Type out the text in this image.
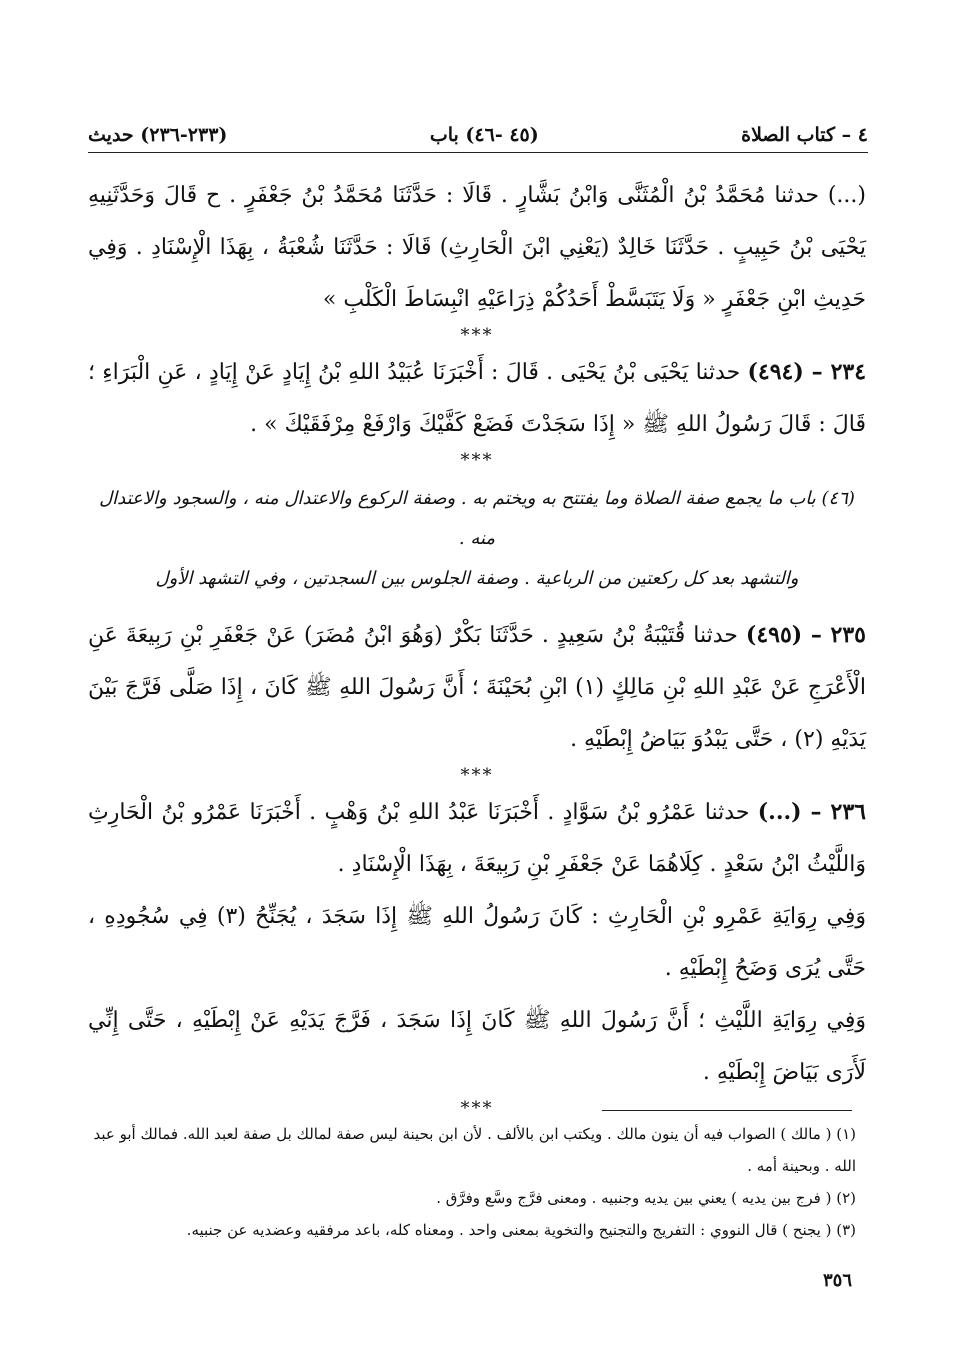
٤ – كتاب الصلاة
(٤٥ -٤٦) باب
(٢٣٣-٢٣٦) حديث

(...) حدثنا مُحَمَّدُ بْنُ الْمُثَنَّى وَابْنُ بَشَّارٍ . قَالَا : حَدَّثَنَا مُحَمَّدُ بْنُ جَعْفَرٍ . ح قَالَ وَحَدَّثَنِيهِ يَحْيَى بْنُ حَبِيبٍ . حَدَّثَنَا خَالِدٌ (يَعْنِي ابْنَ الْحَارِثِ) قَالَا : حَدَّثَنَا شُعْبَةُ ، بِهَذَا الْإِسْنَادِ . وَفِي حَدِيثِ ابْنِ جَعْفَرٍ « وَلَا يَتَبَسَّطْ أَحَدُكُمْ ذِرَاعَيْهِ انْبِسَاطَ الْكَلْبِ »

***

٢٣٤ – (٤٩٤) حدثنا يَحْيَى بْنُ يَحْيَى . قَالَ : أَخْبَرَنَا عُبَيْدُ اللهِ بْنُ إِيَادٍ عَنْ إِيَادٍ ، عَنِ الْبَرَاءِ ؛ قَالَ : قَالَ رَسُولُ اللهِ ﷺ « إِذَا سَجَدْتَ فَضَعْ كَفَّيْكَ وَارْفَعْ مِرْفَقَيْكَ » .

***

(٤٦) باب ما يجمع صفة الصلاة وما يفتتح به ويختم به . وصفة الركوع والاعتدال منه ، والسجود والاعتدال منه .
والتشهد بعد كل ركعتين من الرباعية . وصفة الجلوس بين السجدتين ، وفي التشهد الأول

٢٣٥ – (٤٩٥) حدثنا قُتَيْبَةُ بْنُ سَعِيدٍ . حَدَّثَنَا بَكْرٌ (وَهُوَ ابْنُ مُضَرَ) عَنْ جَعْفَرِ بْنِ رَبِيعَةَ عَنِ الْأَعْرَجِ عَنْ عَبْدِ اللهِ بْنِ مَالِكٍ (١) ابْنِ بُحَيْنَةَ ؛ أَنَّ رَسُولَ اللهِ ﷺ كَانَ ، إِذَا صَلَّى فَرَّجَ بَيْنَ يَدَيْهِ (٢) ، حَتَّى يَبْدُوَ بَيَاضُ إِبْطَيْهِ .

***

٢٣٦ – (...) حدثنا عَمْرُو بْنُ سَوَّادٍ . أَخْبَرَنَا عَبْدُ اللهِ بْنُ وَهْبٍ . أَخْبَرَنَا عَمْرُو بْنُ الْحَارِثِ وَاللَّيْثُ ابْنُ سَعْدٍ . كِلَاهُمَا عَنْ جَعْفَرِ بْنِ رَبِيعَةَ ، بِهَذَا الْإِسْنَادِ .

وَفِي رِوَايَةِ عَمْرِو بْنِ الْحَارِثِ : كَانَ رَسُولُ اللهِ ﷺ إِذَا سَجَدَ ، يُجَنِّحُ (٣) فِي سُجُودِهِ ، حَتَّى يُرَى وَضَحُ إِبْطَيْهِ .

وَفِي رِوَايَةِ اللَّيْثِ ؛ أَنَّ رَسُولَ اللهِ ﷺ كَانَ إِذَا سَجَدَ ، فَرَّجَ يَدَيْهِ عَنْ إِبْطَيْهِ ، حَتَّى إِنِّي لَأَرَى بَيَاضَ إِبْطَيْهِ .

***

(١) ( مالك ) الصواب فيه أن ينون مالك . ويكتب ابن بالألف . لأن ابن بحينة ليس صفة لمالك بل صفة لعبد الله. فمالك أبو عبد الله . وبحينة أمه .

(٢) ( فرج بين يديه ) يعني بين يديه وجنبيه . ومعنى فرَّج وسَّع وفرَّق .

(٣) ( يجنح ) قال النووي : التفريج والتجنيح والتخوية بمعنى واحد . ومعناه كله، باعد مرفقيه وعضديه عن جنبيه.

٣٥٦
